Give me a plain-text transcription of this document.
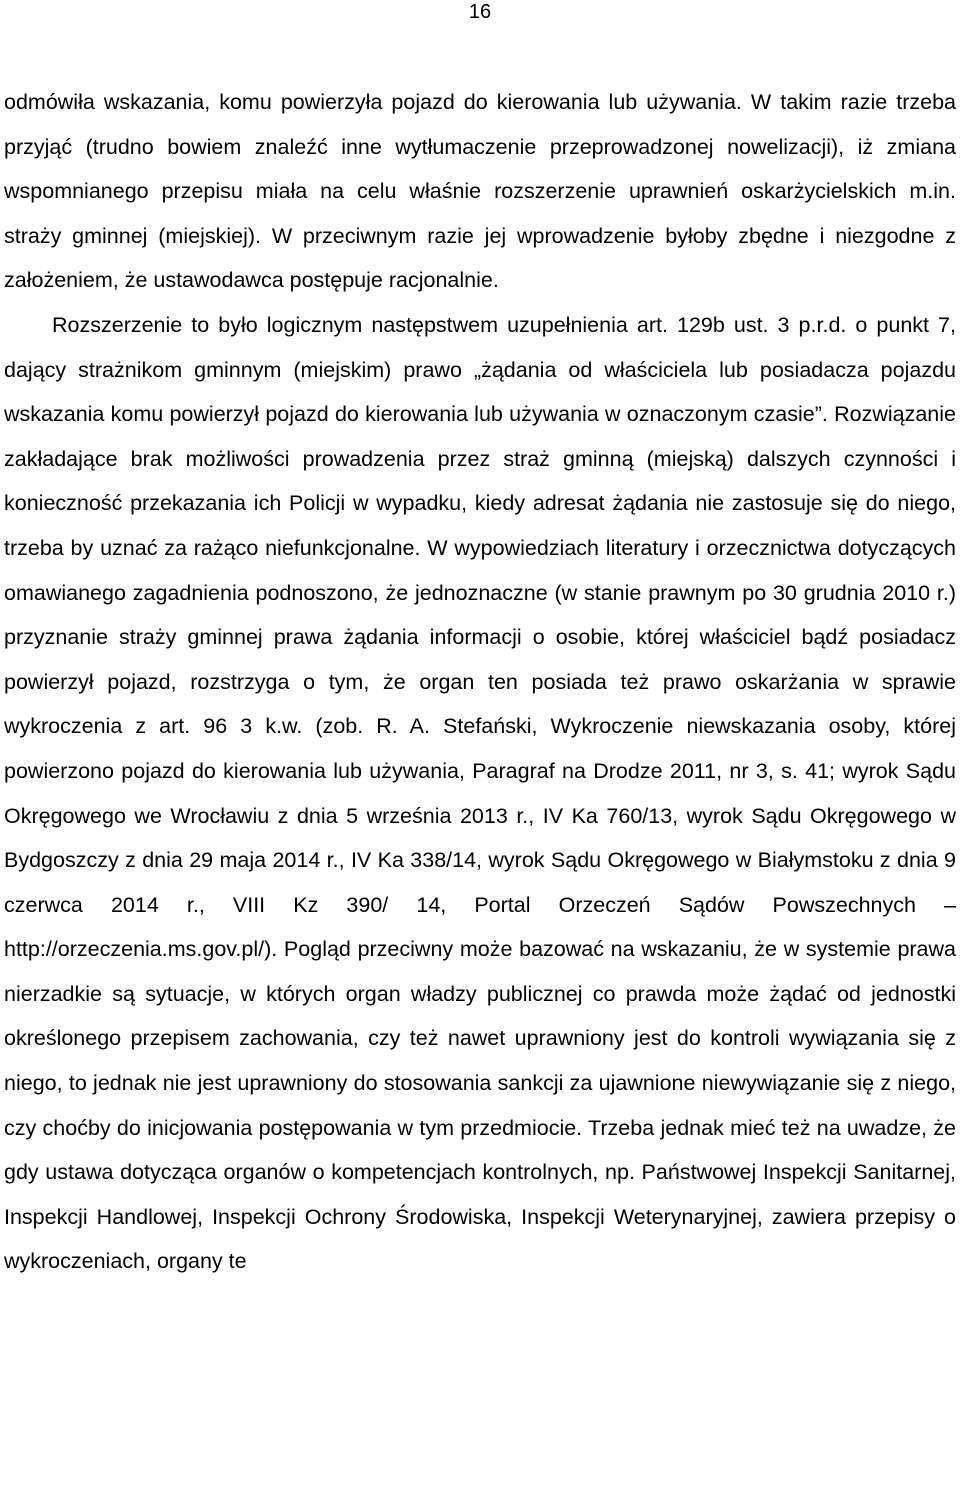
16

odmówiła wskazania, komu powierzyła pojazd do kierowania lub używania. W takim razie trzeba przyjąć (trudno bowiem znaleźć inne wytłumaczenie przeprowadzonej nowelizacji), iż zmiana wspomnianego przepisu miała na celu właśnie rozszerzenie uprawnień oskarżycielskich m.in. straży gminnej (miejskiej). W przeciwnym razie jej wprowadzenie byłoby zbędne i niezgodne z założeniem, że ustawodawca postępuje racjonalnie.

Rozszerzenie to było logicznym następstwem uzupełnienia art. 129b ust. 3 p.r.d. o punkt 7, dający strażnikom gminnym (miejskim) prawo „żądania od właściciela lub posiadacza pojazdu wskazania komu powierzył pojazd do kierowania lub używania w oznaczonym czasie”. Rozwiązanie zakładające brak możliwości prowadzenia przez straż gminną (miejską) dalszych czynności i konieczność przekazania ich Policji w wypadku, kiedy adresat żądania nie zastosuje się do niego, trzeba by uznać za rażąco niefunkcjonalne. W wypowiedziach literatury i orzecznictwa dotyczących omawianego zagadnienia podnoszono, że jednoznaczne (w stanie prawnym po 30 grudnia 2010 r.) przyznanie straży gminnej prawa żądania informacji o osobie, której właściciel bądź posiadacz powierzył pojazd, rozstrzyga o tym, że organ ten posiada też prawo oskarżania w sprawie wykroczenia z art. 96 3 k.w. (zob. R. A. Stefański, Wykroczenie niewskazania osoby, której powierzono pojazd do kierowania lub używania, Paragraf na Drodze 2011, nr 3, s. 41; wyrok Sądu Okręgowego we Wrocławiu z dnia 5 września 2013 r., IV Ka 760/13, wyrok Sądu Okręgowego w Bydgoszczy z dnia 29 maja 2014 r., IV Ka 338/14, wyrok Sądu Okręgowego w Białymstoku z dnia 9 czerwca 2014 r., VIII Kz 390/ 14, Portal Orzeczeń Sądów Powszechnych – http://orzeczenia.ms.gov.pl/). Pogląd przeciwny może bazować na wskazaniu, że w systemie prawa nierzadkie są sytuacje, w których organ władzy publicznej co prawda może żądać od jednostki określonego przepisem zachowania, czy też nawet uprawniony jest do kontroli wywiązania się z niego, to jednak nie jest uprawniony do stosowania sankcji za ujawnione niewywiązanie się z niego, czy choćby do inicjowania postępowania w tym przedmiocie. Trzeba jednak mieć też na uwadze, że gdy ustawa dotycząca organów o kompetencjach kontrolnych, np. Państwowej Inspekcji Sanitarnej, Inspekcji Handlowej, Inspekcji Ochrony Środowiska, Inspekcji Weterynaryjnej, zawiera przepisy o wykroczeniach, organy te
